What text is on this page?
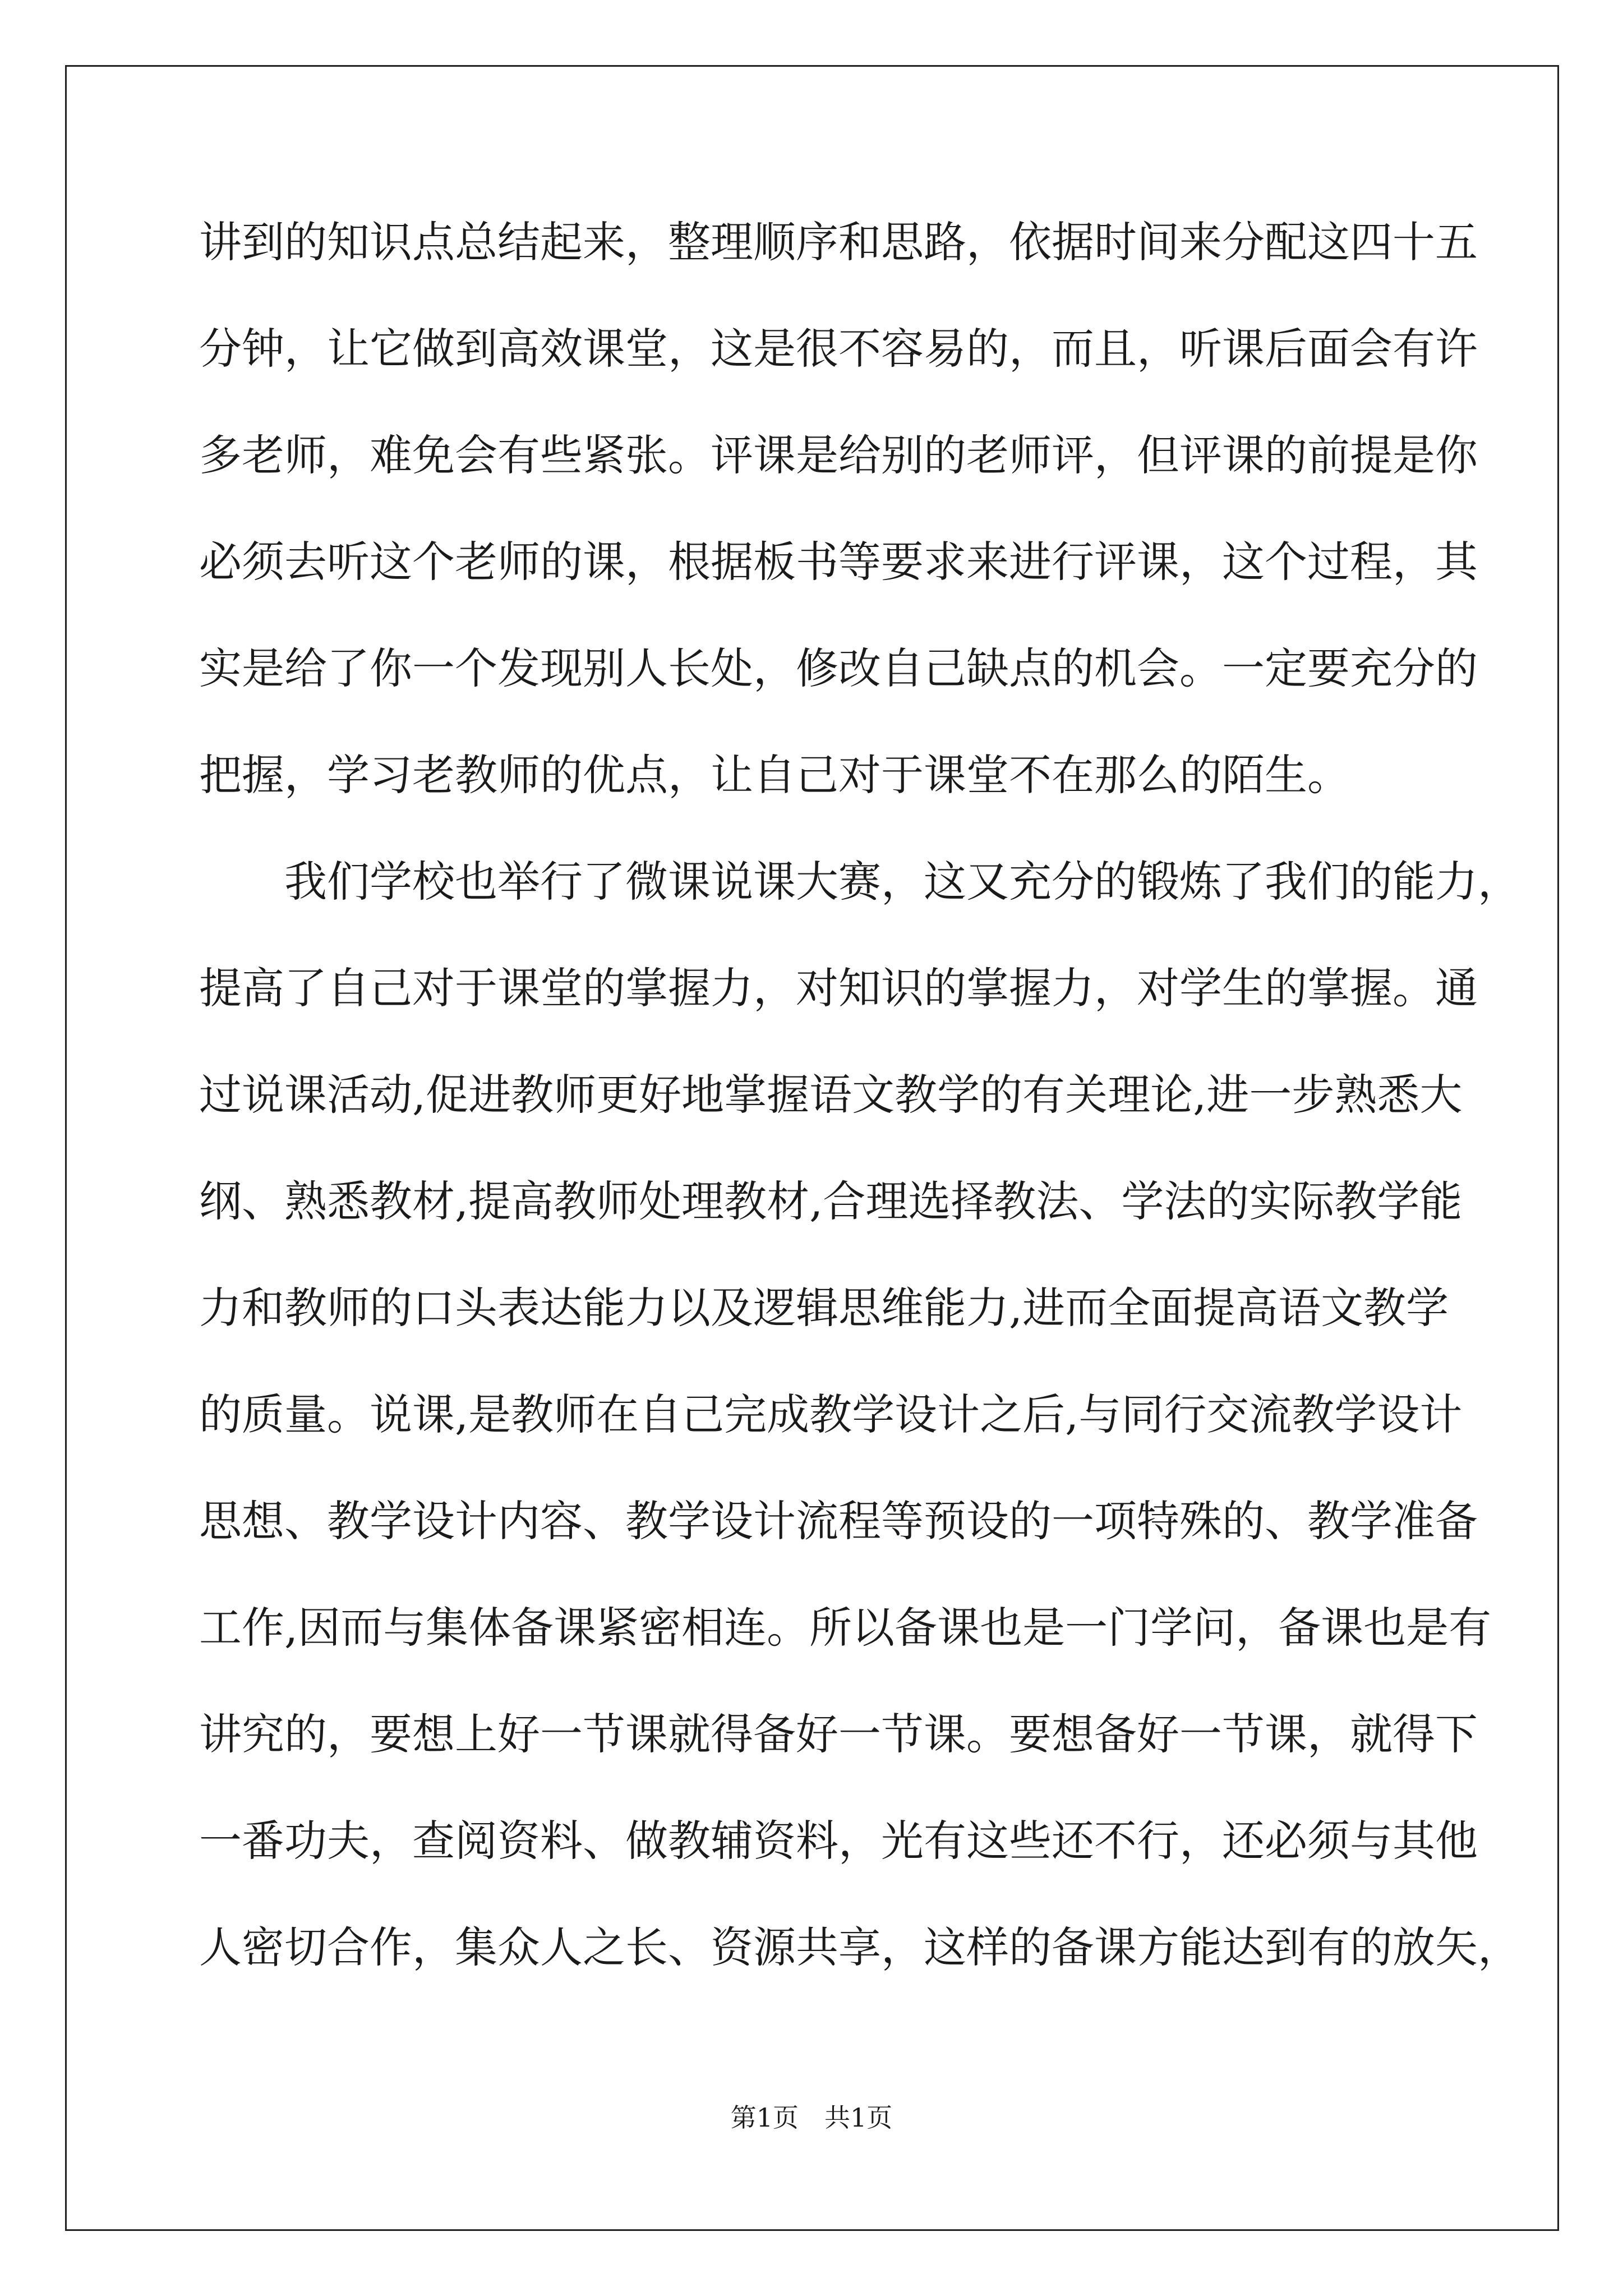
讲到的知识点总结起来，整理顺序和思路，依据时间来分配这四十五
分钟，让它做到高效课堂，这是很不容易的，而且，听课后面会有许
多老师，难免会有些紧张。评课是给别的老师评，但评课的前提是你
必须去听这个老师的课，根据板书等要求来进行评课，这个过程，其
实是给了你一个发现别人长处，修改自己缺点的机会。一定要充分的
把握，学习老教师的优点，让自己对于课堂不在那么的陌生。
　　我们学校也举行了微课说课大赛，这又充分的锻炼了我们的能力，
提高了自己对于课堂的掌握力，对知识的掌握力，对学生的掌握。通
过说课活动,促进教师更好地掌握语文教学的有关理论,进一步熟悉大
纲、熟悉教材,提高教师处理教材,合理选择教法、学法的实际教学能
力和教师的口头表达能力以及逻辑思维能力,进而全面提高语文教学
的质量。说课,是教师在自己完成教学设计之后,与同行交流教学设计
思想、教学设计内容、教学设计流程等预设的一项特殊的、教学准备
工作,因而与集体备课紧密相连。所以备课也是一门学问，备课也是有
讲究的，要想上好一节课就得备好一节课。要想备好一节课，就得下
一番功夫，查阅资料、做教辅资料，光有这些还不行，还必须与其他
人密切合作，集众人之长、资源共享，这样的备课方能达到有的放矢，
第1页　共1页
